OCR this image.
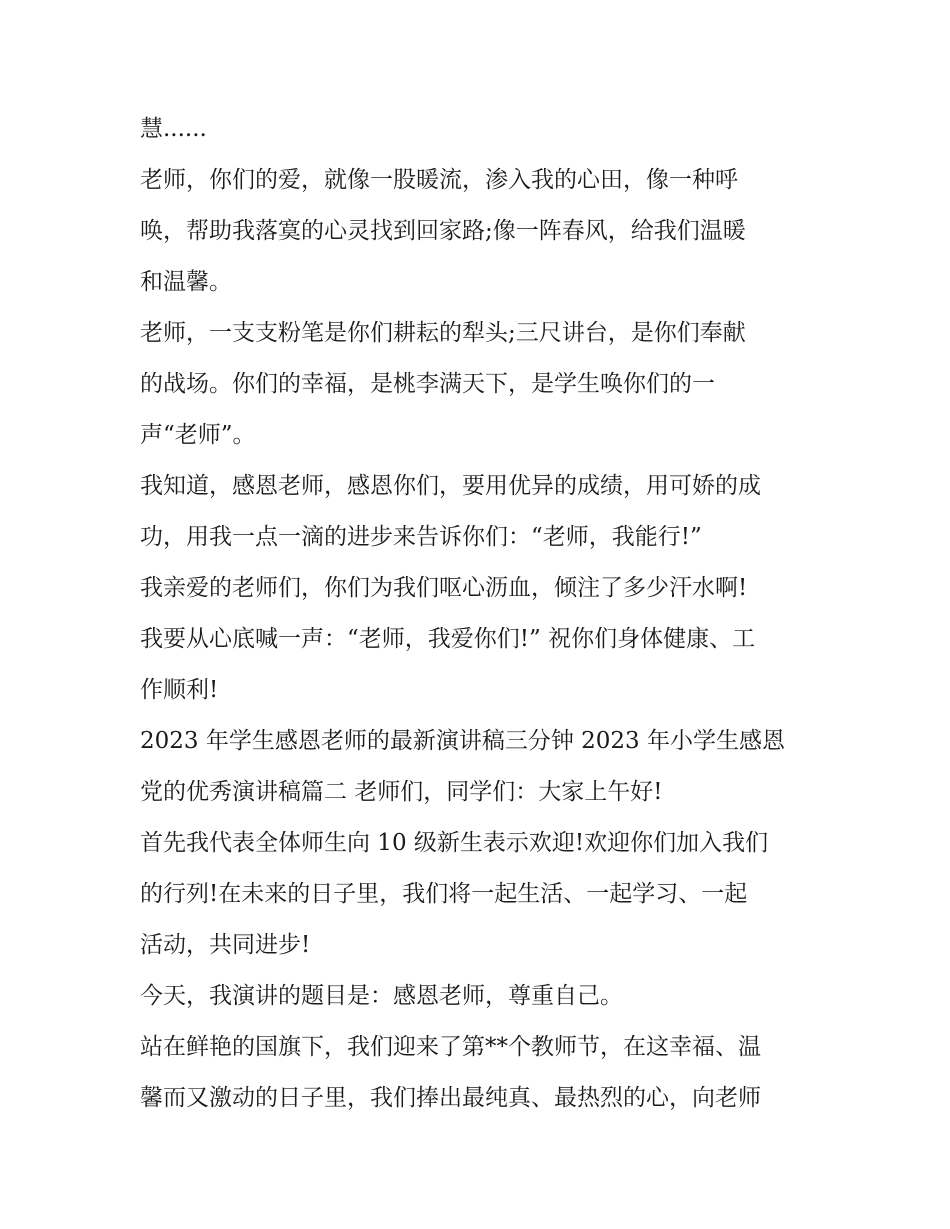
慧......
老师，你们的爱，就像一股暖流，渗入我的心田，像一种呼
唤，帮助我落寞的心灵找到回家路;像一阵春风，给我们温暖
和温馨。
老师，一支支粉笔是你们耕耘的犁头;三尺讲台，是你们奉献
的战场。你们的幸福，是桃李满天下，是学生唤你们的一
声“老师”。
我知道，感恩老师，感恩你们，要用优异的成绩，用可娇的成
功，用我一点一滴的进步来告诉你们：“老师，我能行!”
我亲爱的老师们，你们为我们呕心沥血，倾注了多少汗水啊!
我要从心底喊一声：“老师，我爱你们!” 祝你们身体健康、工
作顺利!
2023 年学生感恩老师的最新演讲稿三分钟 2023 年小学生感恩
党的优秀演讲稿篇二 老师们，同学们：大家上午好!
首先我代表全体师生向 10 级新生表示欢迎!欢迎你们加入我们
的行列!在未来的日子里，我们将一起生活、一起学习、一起
活动，共同进步!
今天，我演讲的题目是：感恩老师，尊重自己。
站在鲜艳的国旗下，我们迎来了第**个教师节，在这幸福、温
馨而又激动的日子里，我们捧出最纯真、最热烈的心，向老师
